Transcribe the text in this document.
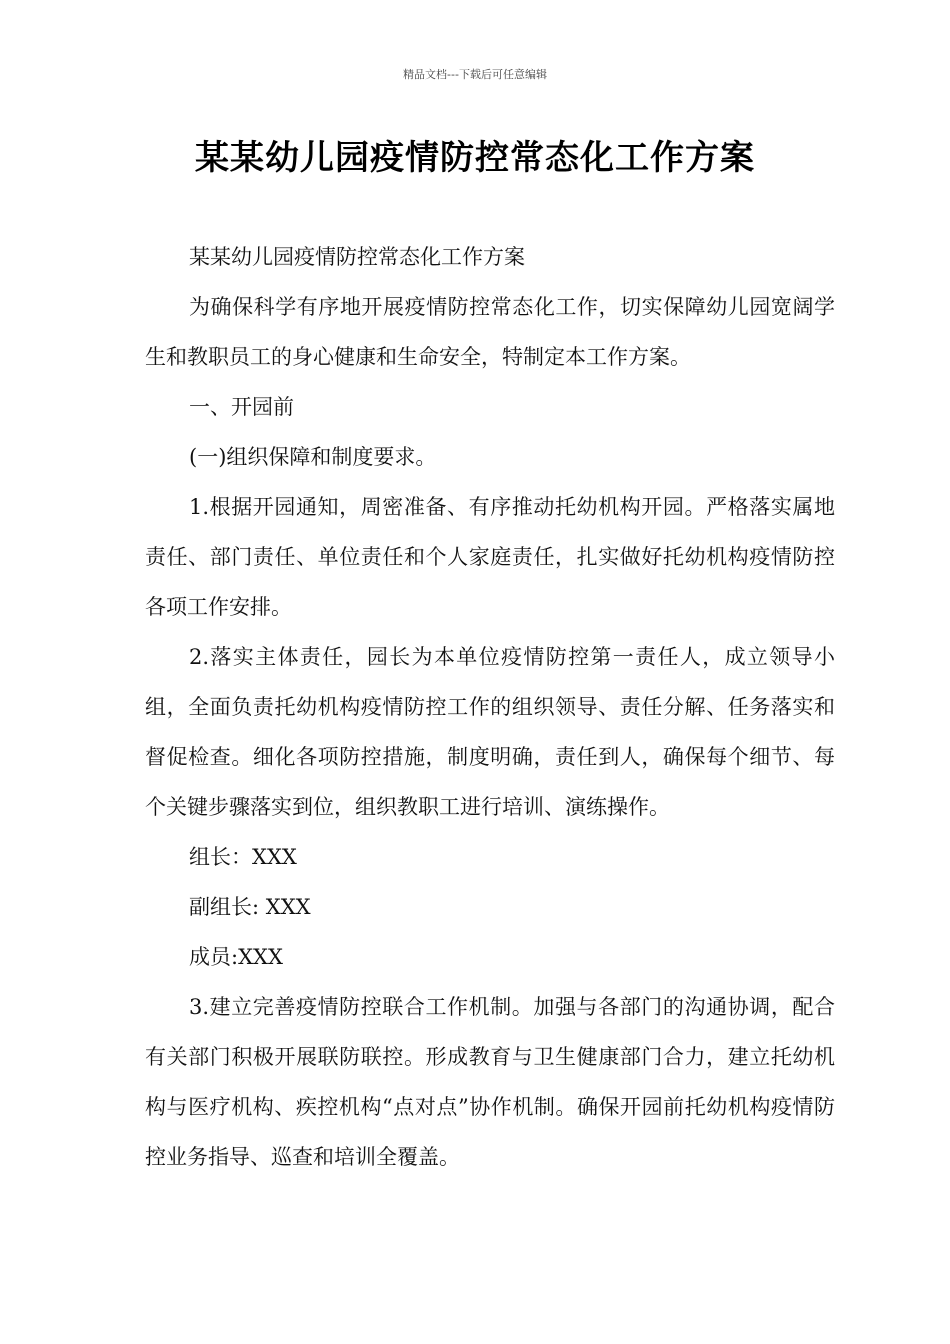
精品文档---下载后可任意编辑
某某幼儿园疫情防控常态化工作方案

某某幼儿园疫情防控常态化工作方案

为确保科学有序地开展疫情防控常态化工作，切实保障幼儿园宽阔学生和教职员工的身心健康和生命安全，特制定本工作方案。

一、开园前

(一)组织保障和制度要求。

1.根据开园通知，周密准备、有序推动托幼机构开园。严格落实属地责任、部门责任、单位责任和个人家庭责任，扎实做好托幼机构疫情防控各项工作安排。

2.落实主体责任，园长为本单位疫情防控第一责任人，成立领导小组，全面负责托幼机构疫情防控工作的组织领导、责任分解、任务落实和督促检查。细化各项防控措施，制度明确，责任到人，确保每个细节、每个关键步骤落实到位，组织教职工进行培训、演练操作。

组长：XXX

副组长: XXX

成员:XXX

3.建立完善疫情防控联合工作机制。加强与各部门的沟通协调，配合有关部门积极开展联防联控。形成教育与卫生健康部门合力，建立托幼机构与医疗机构、疾控机构“点对点”协作机制。确保开园前托幼机构疫情防控业务指导、巡查和培训全覆盖。
